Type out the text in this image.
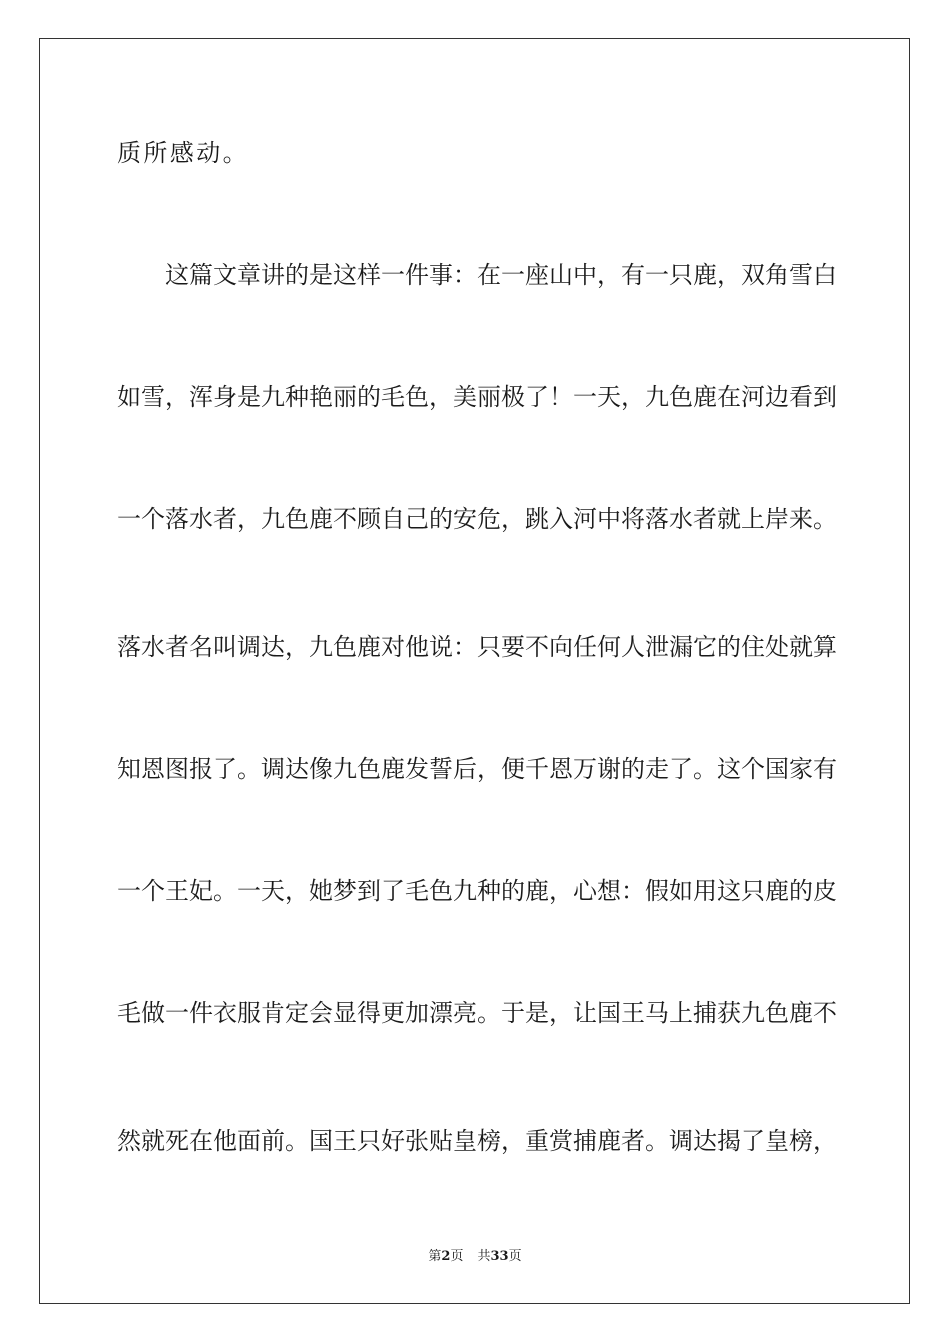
质所感动。
这篇文章讲的是这样一件事：在一座山中，有一只鹿，双角雪白
如雪，浑身是九种艳丽的毛色，美丽极了！一天，九色鹿在河边看到
一个落水者，九色鹿不顾自己的安危，跳入河中将落水者就上岸来。
落水者名叫调达，九色鹿对他说：只要不向任何人泄漏它的住处就算
知恩图报了。调达像九色鹿发誓后，便千恩万谢的走了。这个国家有
一个王妃。一天，她梦到了毛色九种的鹿，心想：假如用这只鹿的皮
毛做一件衣服肯定会显得更加漂亮。于是，让国王马上捕获九色鹿不
然就死在他面前。国王只好张贴皇榜，重赏捕鹿者。调达揭了皇榜，
第2页 共33页
